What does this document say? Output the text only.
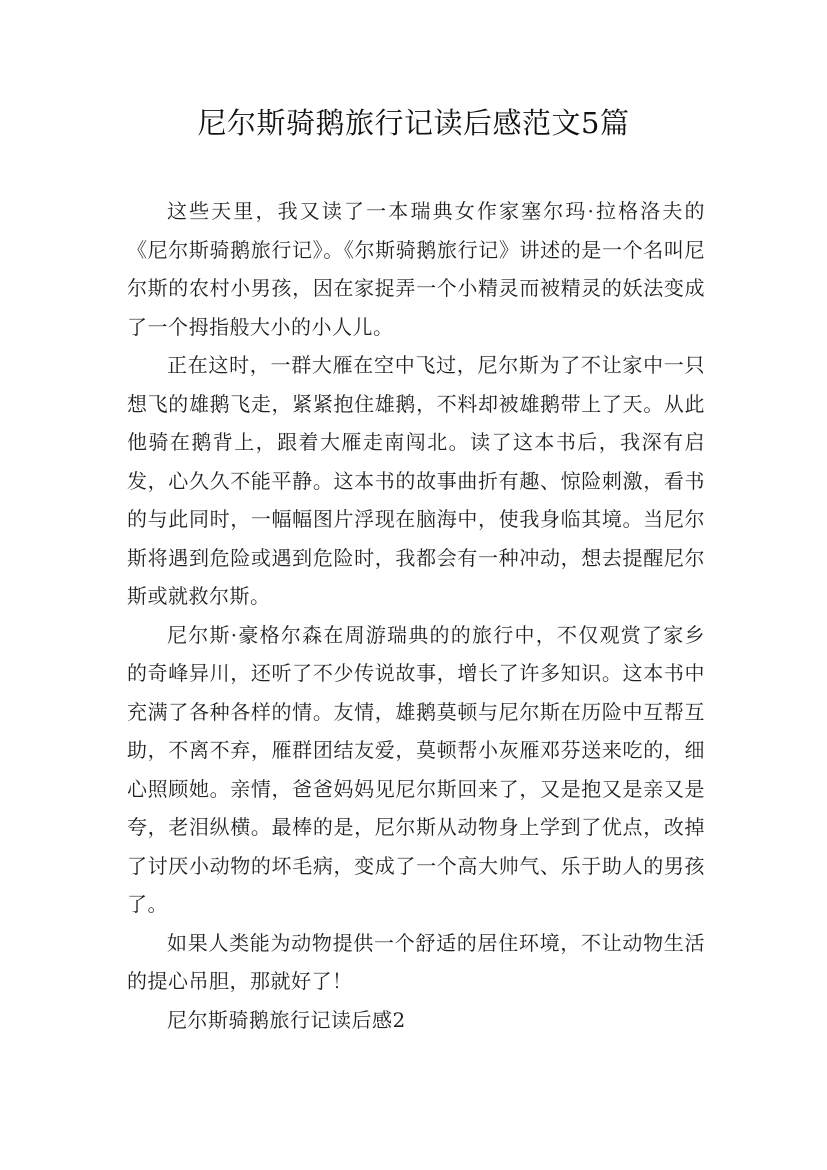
尼尔斯骑鹅旅行记读后感范文5篇

这些天里，我又读了一本瑞典女作家塞尔玛·拉格洛夫的《尼尔斯骑鹅旅行记》。《尔斯骑鹅旅行记》讲述的是一个名叫尼尔斯的农村小男孩，因在家捉弄一个小精灵而被精灵的妖法变成了一个拇指般大小的小人儿。

正在这时，一群大雁在空中飞过，尼尔斯为了不让家中一只想飞的雄鹅飞走，紧紧抱住雄鹅，不料却被雄鹅带上了天。从此他骑在鹅背上，跟着大雁走南闯北。读了这本书后，我深有启发，心久久不能平静。这本书的故事曲折有趣、惊险刺激，看书的与此同时，一幅幅图片浮现在脑海中，使我身临其境。当尼尔斯将遇到危险或遇到危险时，我都会有一种冲动，想去提醒尼尔斯或就救尔斯。

尼尔斯·豪格尔森在周游瑞典的的旅行中，不仅观赏了家乡的奇峰异川，还听了不少传说故事，增长了许多知识。这本书中充满了各种各样的情。友情，雄鹅莫顿与尼尔斯在历险中互帮互助，不离不弃，雁群团结友爱，莫顿帮小灰雁邓芬送来吃的，细心照顾她。亲情，爸爸妈妈见尼尔斯回来了，又是抱又是亲又是夸，老泪纵横。最棒的是，尼尔斯从动物身上学到了优点，改掉了讨厌小动物的坏毛病，变成了一个高大帅气、乐于助人的男孩了。

如果人类能为动物提供一个舒适的居住环境，不让动物生活的提心吊胆，那就好了！

尼尔斯骑鹅旅行记读后感2
